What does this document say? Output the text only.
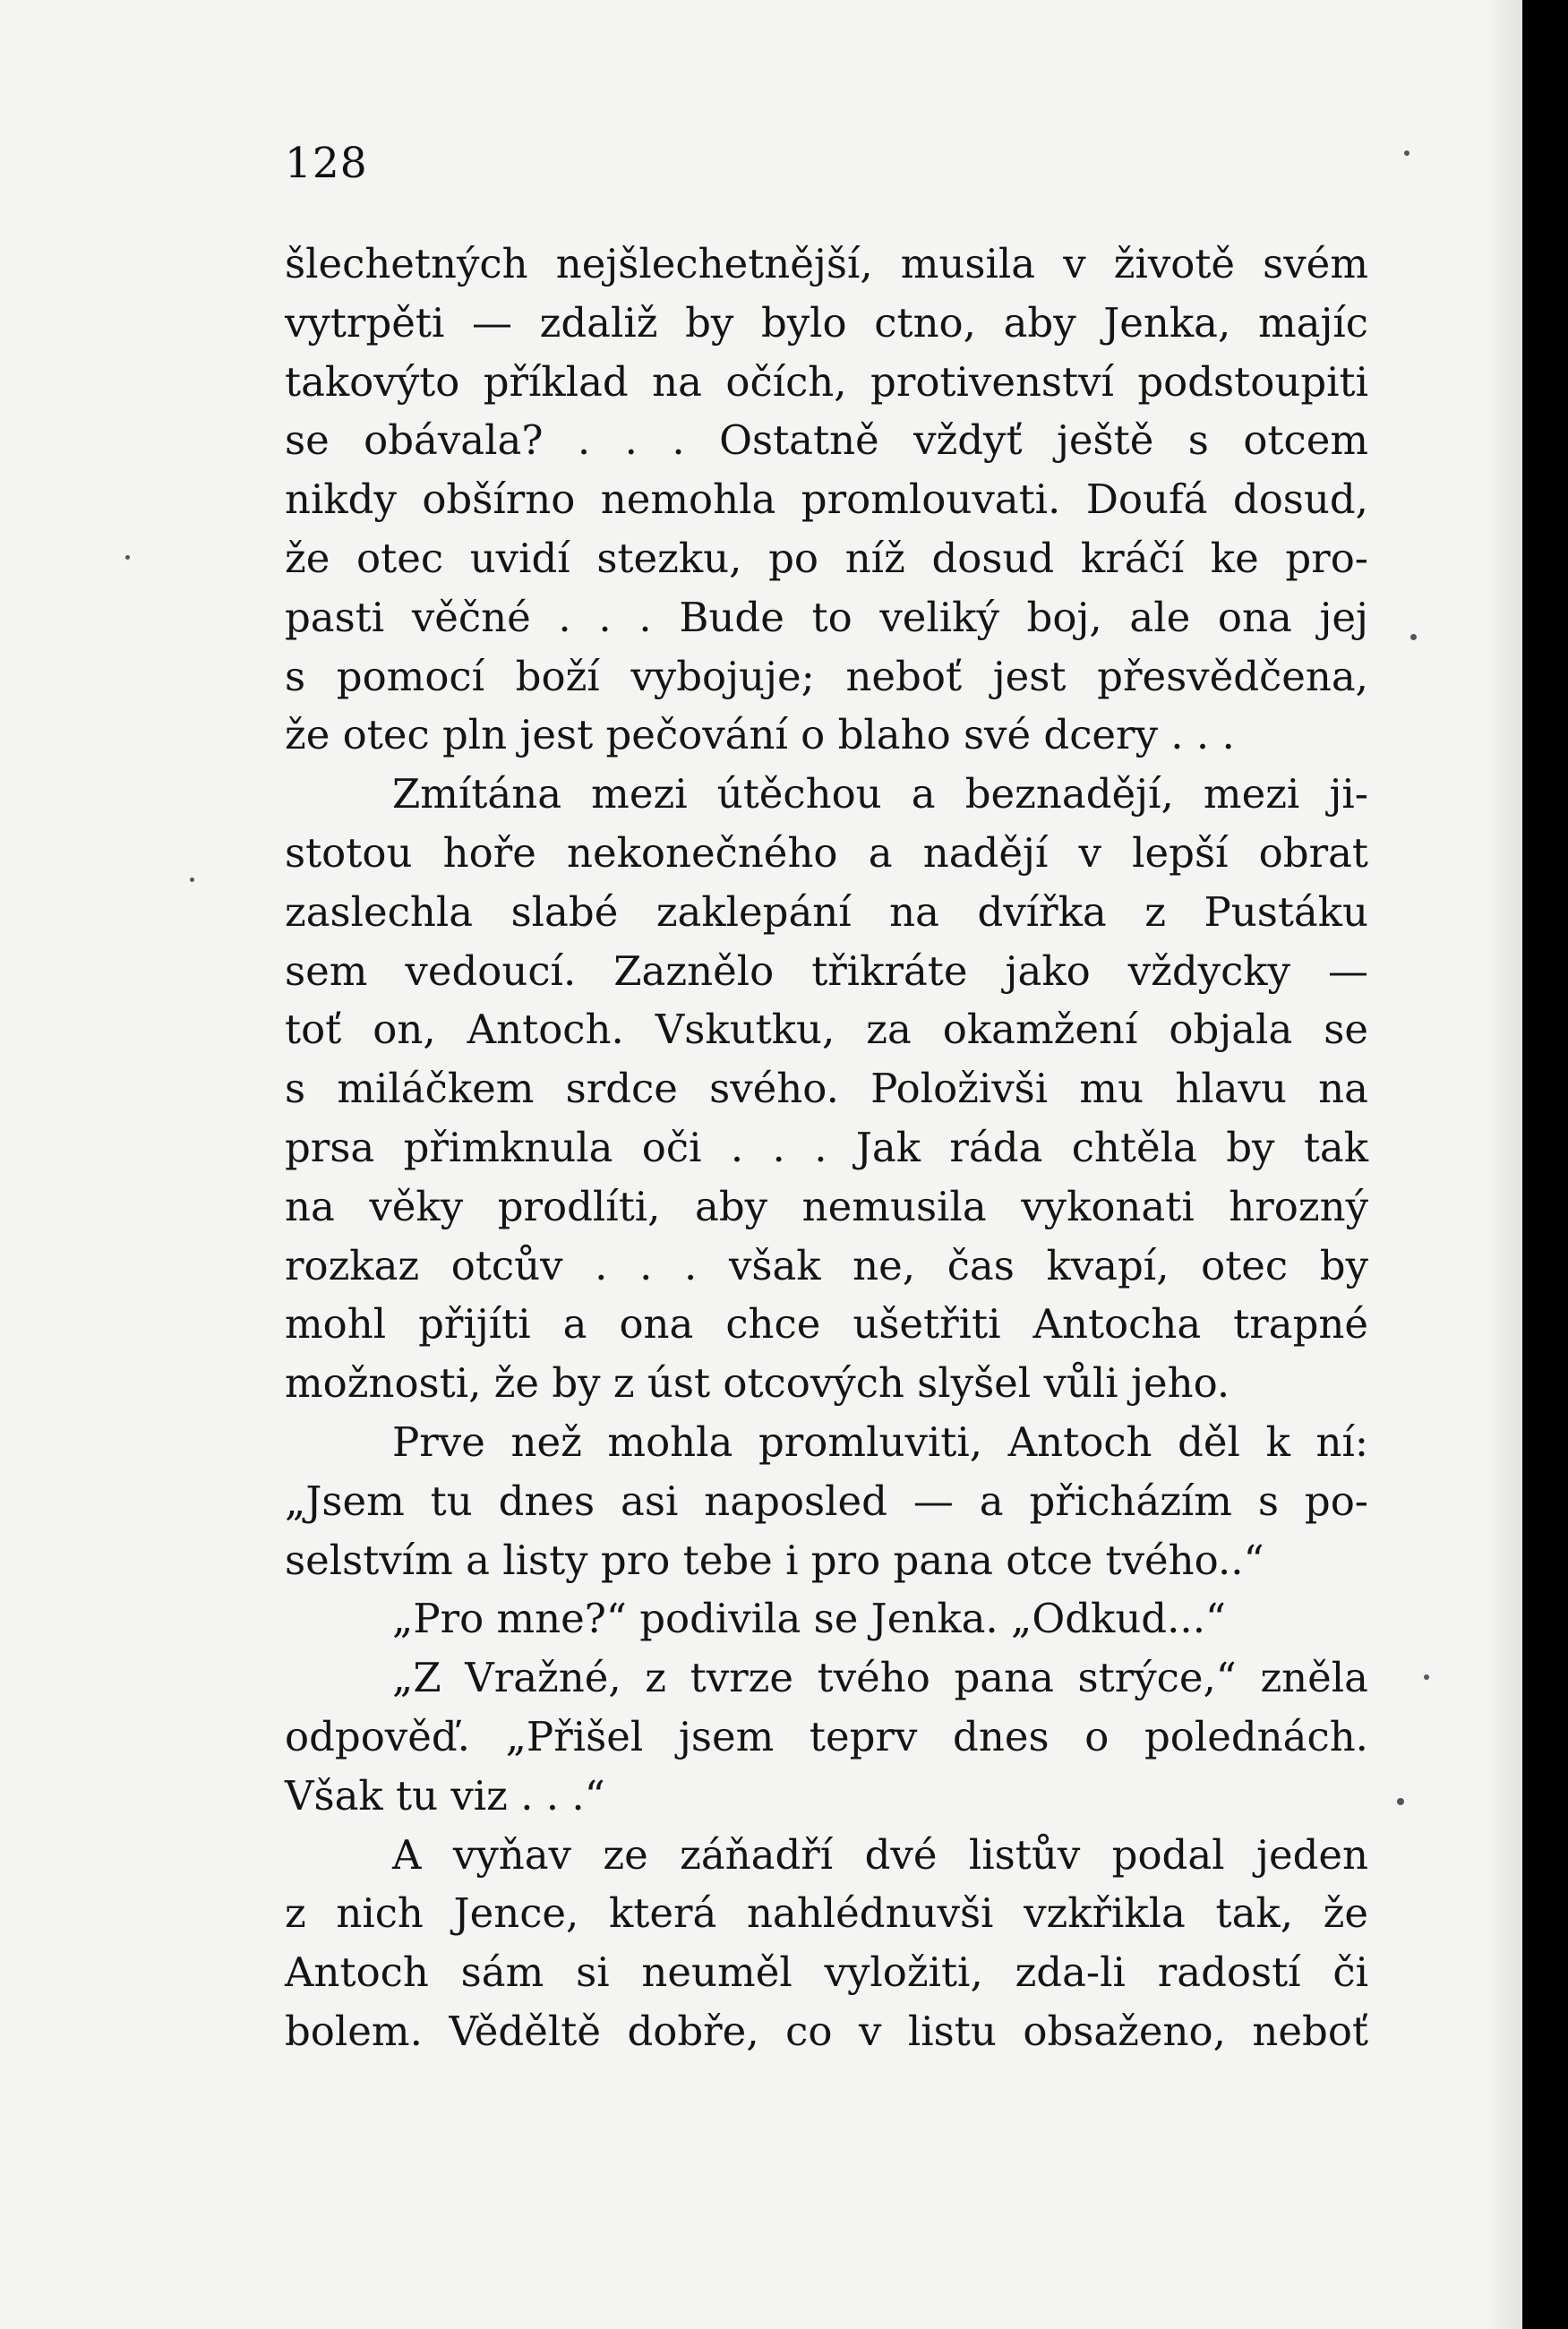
128
šlechetných nejšlechetnější, musila v životě svém
vytrpěti — zdaliž by bylo ctno, aby Jenka, majíc
takovýto příklad na očích, protivenství podstoupiti
se obávala? . . . Ostatně vždyť ještě s otcem
nikdy obšírno nemohla promlouvati. Doufá dosud,
že otec uvidí stezku, po níž dosud kráčí ke pro-
pasti věčné . . . Bude to veliký boj, ale ona jej
s pomocí boží vybojuje; neboť jest přesvědčena,
že otec pln jest pečování o blaho své dcery . . .
Zmítána mezi útěchou a beznadějí, mezi ji-
stotou hoře nekonečného a nadějí v lepší obrat
zaslechla slabé zaklepání na dvířka z Pustáku
sem vedoucí. Zaznělo třikráte jako vždycky —
toť on, Antoch. Vskutku, za okamžení objala se
s miláčkem srdce svého. Položivši mu hlavu na
prsa přimknula oči . . . Jak ráda chtěla by tak
na věky prodlíti, aby nemusila vykonati hrozný
rozkaz otcův . . . však ne, čas kvapí, otec by
mohl přijíti a ona chce ušetřiti Antocha trapné
možnosti, že by z úst otcových slyšel vůli jeho.
Prve než mohla promluviti, Antoch děl k ní:
„Jsem tu dnes asi naposled — a přicházím s po-
selstvím a listy pro tebe i pro pana otce tvého..“
„Pro mne?“ podivila se Jenka. „Odkud...“
„Z Vražné, z tvrze tvého pana strýce,“ zněla
odpověď. „Přišel jsem teprv dnes o polednách.
Však tu viz . . .“
A vyňav ze záňadří dvé listův podal jeden
z nich Jence, která nahlédnuvši vzkřikla tak, že
Antoch sám si neuměl vyložiti, zda-li radostí či
bolem. Věděltě dobře, co v listu obsaženo, neboť
